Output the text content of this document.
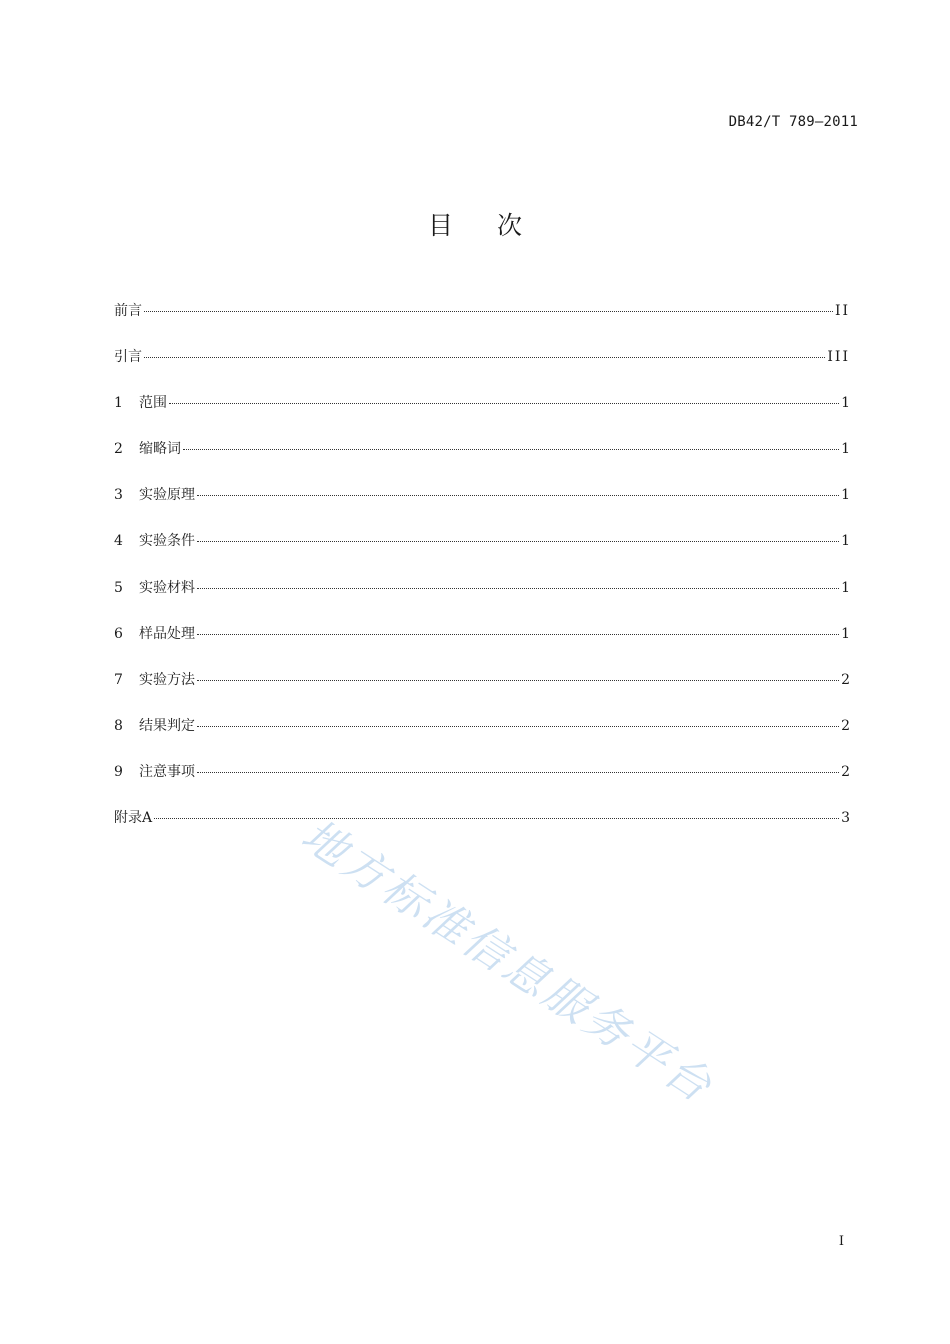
DB42/T 789—2011
目次
前言	II
引言	III
1	范围	1
2	缩略词	1
3	实验原理	1
4	实验条件	1
5	实验材料	1
6	样品处理	1
7	实验方法	2
8	结果判定	2
9	注意事项	2
附录A	3
地方标准信息服务平台
I
